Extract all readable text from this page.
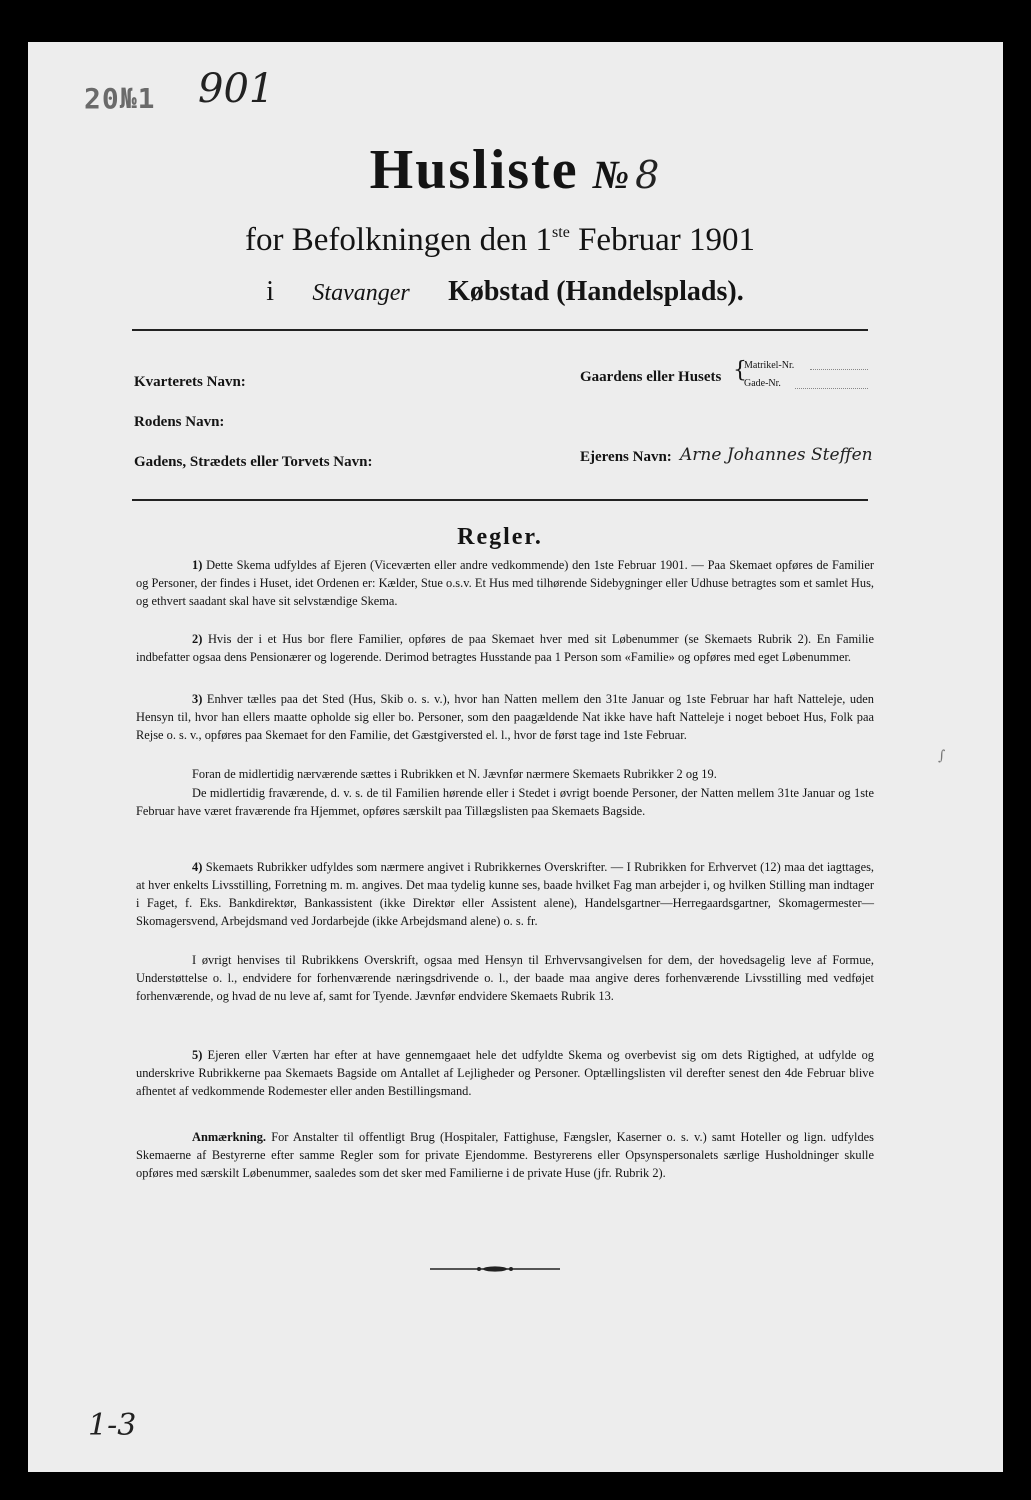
20№1 901
Husliste № 8
for Befolkningen den 1ste Februar 1901
i Stavanger Købstad (Handelsplads).
Kvarterets Navn:
Rodens Navn:
Gadens, Strædets eller Torvets Navn:
Gaardens eller Husets {
Matrikel-Nr.
Gade-Nr.
Ejerens Navn: Arne Johannes Steffen
Regler.
1) Dette Skema udfyldes af Ejeren (Viceværten eller andre vedkommende) den 1ste Februar 1901. — Paa Skemaet opføres de Familier og Personer, der findes i Huset, idet Ordenen er: Kælder, Stue o.s.v. Et Hus med tilhørende Sidebygninger eller Udhuse betragtes som et samlet Hus, og ethvert saadant skal have sit selvstændige Skema.
2) Hvis der i et Hus bor flere Familier, opføres de paa Skemaet hver med sit Løbenummer (se Skemaets Rubrik 2). En Familie indbefatter ogsaa dens Pensionærer og logerende. Derimod betragtes Husstande paa 1 Person som «Familie» og opføres med eget Løbenummer.
3) Enhver tælles paa det Sted (Hus, Skib o. s. v.), hvor han Natten mellem den 31te Januar og 1ste Februar har haft Natteleje, uden Hensyn til, hvor han ellers maatte opholde sig eller bo. Personer, som den paagældende Nat ikke have haft Natteleje i noget beboet Hus, Folk paa Rejse o. s. v., opføres paa Skemaet for den Familie, det Gæstgiversted el. l., hvor de først tage ind 1ste Februar.
Foran de midlertidig nærværende sættes i Rubrikken et N. Jævnfør nærmere Skemaets Rubrikker 2 og 19.
De midlertidig fraværende, d. v. s. de til Familien hørende eller i Stedet i øvrigt boende Personer, der Natten mellem 31te Januar og 1ste Februar have været fraværende fra Hjemmet, opføres særskilt paa Tillægslisten paa Skemaets Bagside.
4) Skemaets Rubrikker udfyldes som nærmere angivet i Rubrikkernes Overskrifter. — I Rubrikken for Erhvervet (12) maa det iagttages, at hver enkelts Livsstilling, Forretning m. m. angives. Det maa tydelig kunne ses, baade hvilket Fag man arbejder i, og hvilken Stilling man indtager i Faget, f. Eks. Bankdirektør, Bankassistent (ikke Direktør eller Assistent alene), Handelsgartner—Herregaardsgartner, Skomagermester—Skomagersvend, Arbejdsmand ved Jordarbejde (ikke Arbejdsmand alene) o. s. fr.
I øvrigt henvises til Rubrikkens Overskrift, ogsaa med Hensyn til Erhvervsangivelsen for dem, der hovedsagelig leve af Formue, Understøttelse o. l., endvidere for forhenværende næringsdrivende o. l., der baade maa angive deres forhenværende Livsstilling med vedføjet forhenværende, og hvad de nu leve af, samt for Tyende. Jævnfør endvidere Skemaets Rubrik 13.
5) Ejeren eller Værten har efter at have gennemgaaet hele det udfyldte Skema og overbevist sig om dets Rigtighed, at udfylde og underskrive Rubrikkerne paa Skemaets Bagside om Antallet af Lejligheder og Personer. Optællingslisten vil derefter senest den 4de Februar blive afhentet af vedkommende Rodemester eller anden Bestillingsmand.
Anmærkning. For Anstalter til offentligt Brug (Hospitaler, Fattighuse, Fængsler, Kaserner o. s. v.) samt Hoteller og lign. udfyldes Skemaerne af Bestyrerne efter samme Regler som for private Ejendomme. Bestyrerens eller Opsynspersonalets særlige Husholdninger skulle opføres med særskilt Løbenummer, saaledes som det sker med Familierne i de private Huse (jfr. Rubrik 2).
∫
1-3
